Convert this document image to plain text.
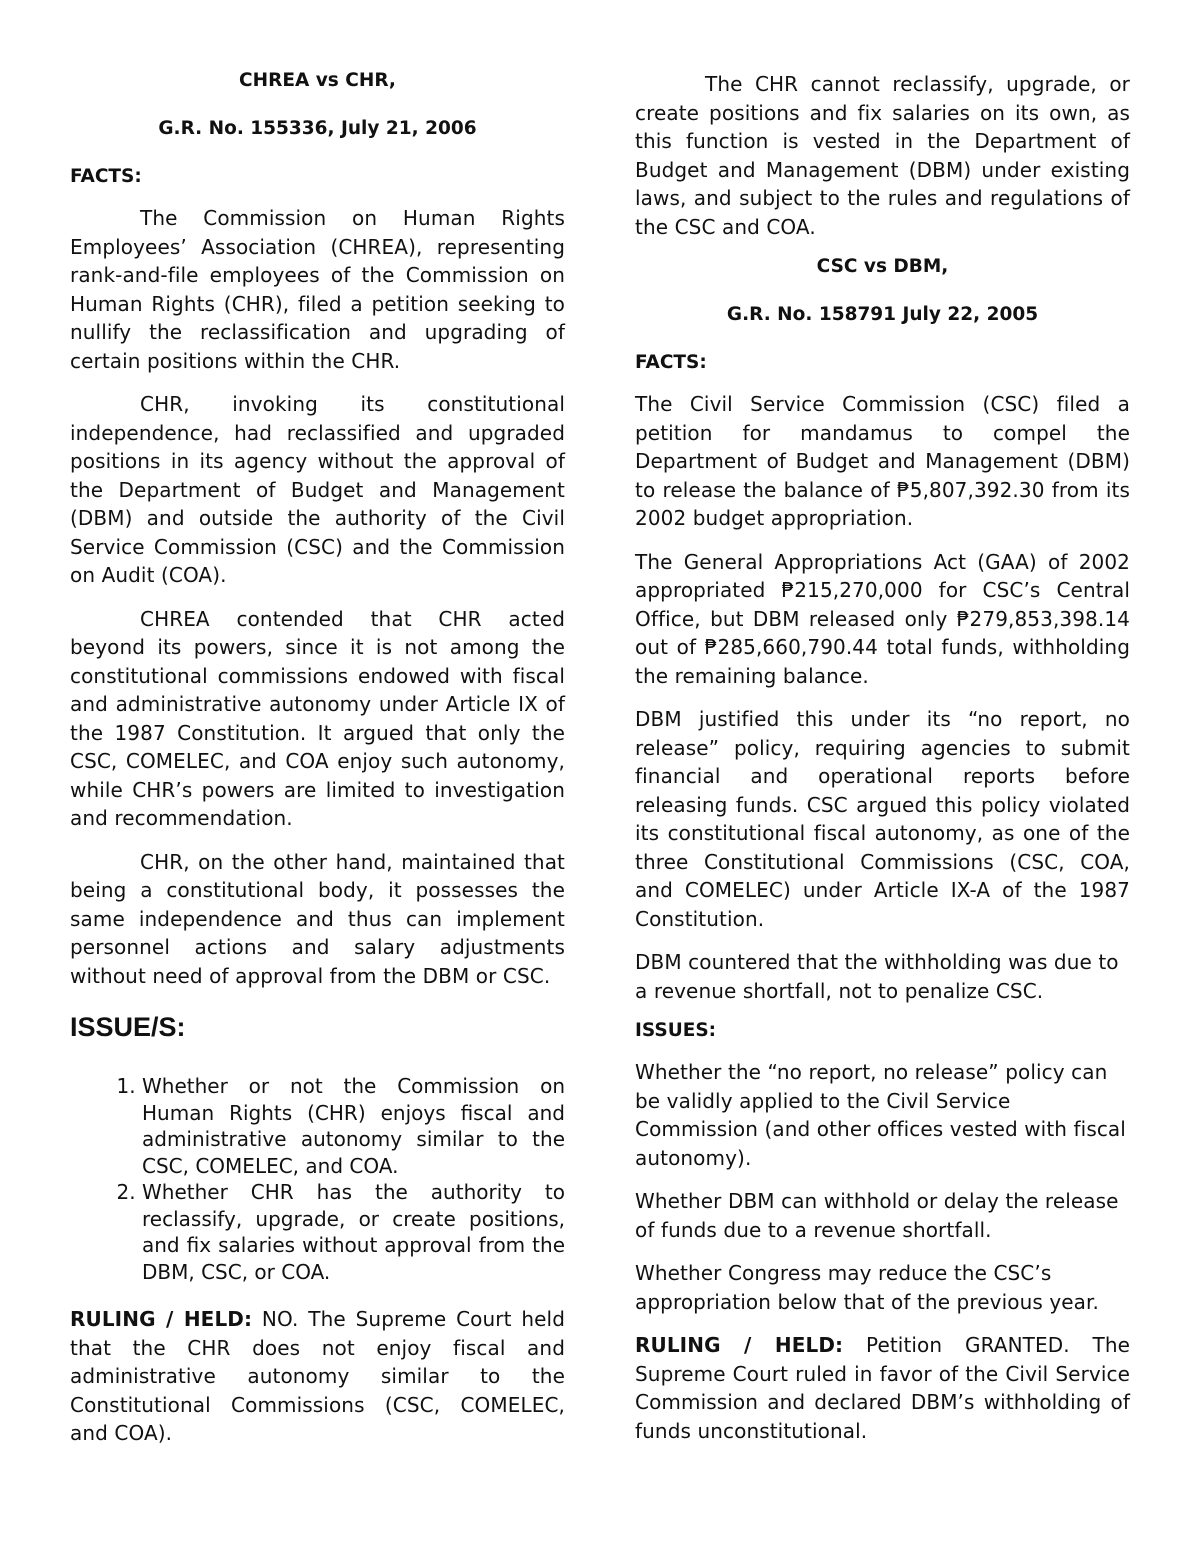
CHREA vs CHR,
G.R. No. 155336, July 21, 2006
FACTS:

The Commission on Human Rights Employees’ Association (CHREA), representing rank-and-file employees of the Commission on Human Rights (CHR), filed a petition seeking to nullify the reclassification and upgrading of certain positions within the CHR.

CHR, invoking its constitutional independence, had reclassified and upgraded positions in its agency without the approval of the Department of Budget and Management (DBM) and outside the authority of the Civil Service Commission (CSC) and the Commission on Audit (COA).

CHREA contended that CHR acted beyond its powers, since it is not among the constitutional commissions endowed with fiscal and administrative autonomy under Article IX of the 1987 Constitution. It argued that only the CSC, COMELEC, and COA enjoy such autonomy, while CHR’s powers are limited to investigation and recommendation.

CHR, on the other hand, maintained that being a constitutional body, it possesses the same independence and thus can implement personnel actions and salary adjustments without need of approval from the DBM or CSC.

ISSUE/S:
1. Whether or not the Commission on Human Rights (CHR) enjoys fiscal and administrative autonomy similar to the CSC, COMELEC, and COA.
2. Whether CHR has the authority to reclassify, upgrade, or create positions, and fix salaries without approval from the DBM, CSC, or COA.

RULING / HELD: NO. The Supreme Court held that the CHR does not enjoy fiscal and administrative autonomy similar to the Constitutional Commissions (CSC, COMELEC, and COA).

The CHR cannot reclassify, upgrade, or create positions and fix salaries on its own, as this function is vested in the Department of Budget and Management (DBM) under existing laws, and subject to the rules and regulations of the CSC and COA.

CSC vs DBM,
G.R. No. 158791 July 22, 2005
FACTS:

The Civil Service Commission (CSC) filed a petition for mandamus to compel the Department of Budget and Management (DBM) to release the balance of ₱5,807,392.30 from its 2002 budget appropriation.

The General Appropriations Act (GAA) of 2002 appropriated ₱215,270,000 for CSC’s Central Office, but DBM released only ₱279,853,398.14 out of ₱285,660,790.44 total funds, withholding the remaining balance.

DBM justified this under its “no report, no release” policy, requiring agencies to submit financial and operational reports before releasing funds. CSC argued this policy violated its constitutional fiscal autonomy, as one of the three Constitutional Commissions (CSC, COA, and COMELEC) under Article IX-A of the 1987 Constitution.

DBM countered that the withholding was due to a revenue shortfall, not to penalize CSC.

ISSUES:

Whether the “no report, no release” policy can be validly applied to the Civil Service Commission (and other offices vested with fiscal autonomy).

Whether DBM can withhold or delay the release of funds due to a revenue shortfall.

Whether Congress may reduce the CSC’s appropriation below that of the previous year.

RULING / HELD: Petition GRANTED. The Supreme Court ruled in favor of the Civil Service Commission and declared DBM’s withholding of funds unconstitutional.
